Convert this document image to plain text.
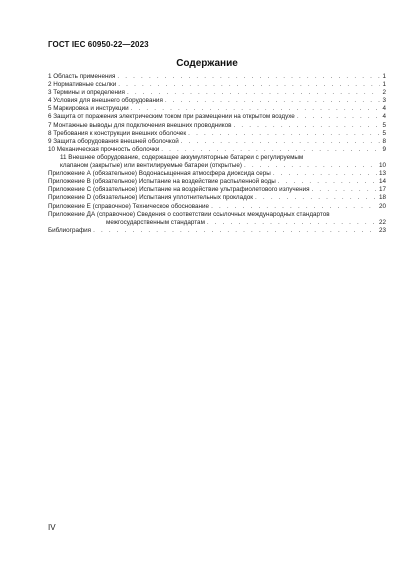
ГОСТ IEC 60950-22—2023
Содержание
1 Область применения . . .	1
2 Нормативные ссылки . . .	1
3 Термины и определения . . .	2
4 Условия для внешнего оборудования . . .	3
5 Маркировка и инструкции . . .	4
6 Защита от поражения электрическим током при размещении на открытом воздухе . . .	4
7 Монтажные выводы для подключения внешних проводников . . .	5
8 Требования к конструкции внешних оболочек . . .	5
9 Защита оборудования внешней оболочкой . . .	8
10 Механическая прочность оболочки . . .	9
11 Внешнее оборудование, содержащее аккумуляторные батареи с регулируемым
клапаном (закрытые) или вентилируемые батареи (открытые) . . .	10
Приложение А (обязательное) Водонасыщенная атмосфера диоксида серы . . .	13
Приложение В (обязательное) Испытание на воздействие распыленной воды . . .	14
Приложение С (обязательное) Испытание на воздействие ультрафиолетового излучения . . .	17
Приложение D (обязательное) Испытания уплотнительных прокладок . . .	18
Приложение Е (справочное) Техническое обоснование . . .	20
Приложение ДА (справочное) Сведения о соответствии ссылочных международных стандартов
межгосударственным стандартам . . .	22
Библиография . . .	23
IV
